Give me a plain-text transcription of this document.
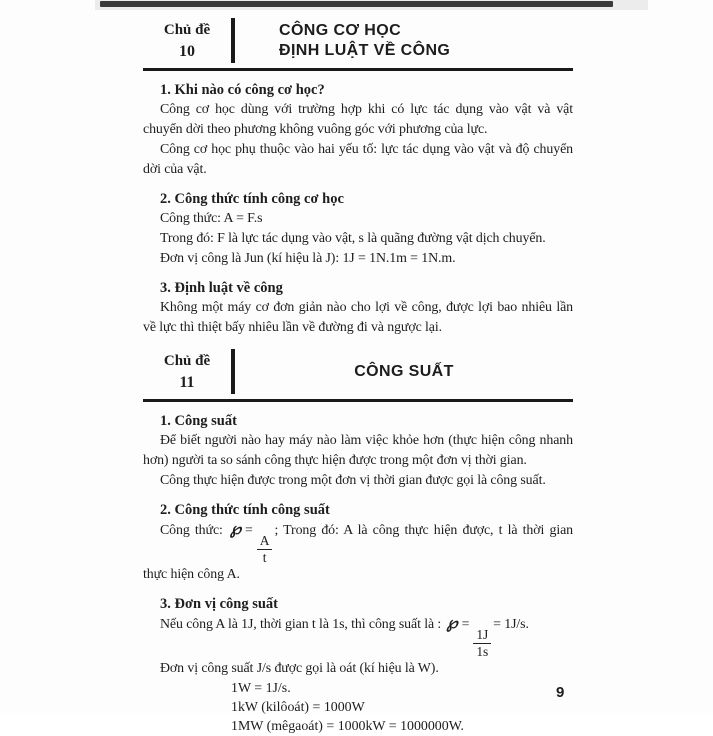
Chủ đề
10
CÔNG CƠ HỌC
ĐỊNH LUẬT VỀ CÔNG

1. Khi nào có công cơ học?

Công cơ học dùng với trường hợp khi có lực tác dụng vào vật và vật chuyển dời theo phương không vuông góc với phương của lực.

Công cơ học phụ thuộc vào hai yếu tố: lực tác dụng vào vật và độ chuyển dời của vật.

2. Công thức tính công cơ học

Công thức: A = F.s

Trong đó: F là lực tác dụng vào vật, s là quãng đường vật dịch chuyển.

Đơn vị công là Jun (kí hiệu là J): 1J = 1N.1m = 1N.m.

3. Định luật về công

Không một máy cơ đơn giản nào cho lợi về công, được lợi bao nhiêu lần về lực thì thiệt bấy nhiêu lần về đường đi và ngược lại.

Chủ đề
11
CÔNG SUẤT

1. Công suất

Để biết người nào hay máy nào làm việc khỏe hơn (thực hiện công nhanh hơn) người ta so sánh công thực hiện được trong một đơn vị thời gian.

Công thực hiện được trong một đơn vị thời gian được gọi là công suất.

2. Công thức tính công suất

Công thức: ℘ =
$\frac{A}{t}$
; Trong đó: A là công thực hiện được, t là thời gian thực hiện công A.

3. Đơn vị công suất

Nếu công A là 1J, thời gian t là 1s, thì công suất là : ℘ =
$\frac{1J}{1s}$
= 1J/s.

Đơn vị công suất J/s được gọi là oát (kí hiệu là W).

1W = 1J/s.

1kW (kilôoát) = 1000W

1MW (mêgaoát) = 1000kW = 1000000W.

9
